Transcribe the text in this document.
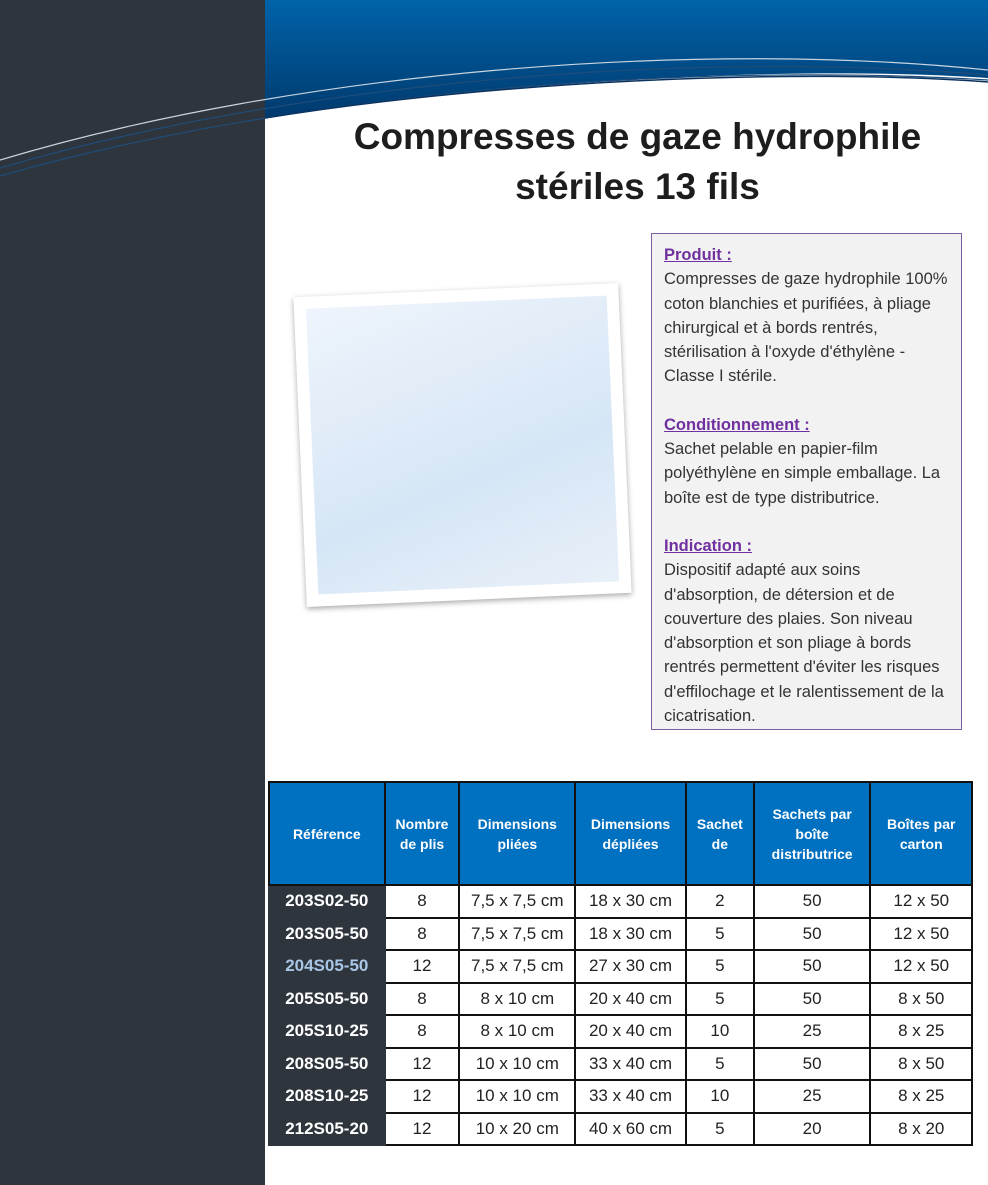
Compresses de gaze hydrophile
stériles 13 fils
Produit :

Compresses de gaze hydrophile 100% coton blanchies et purifiées, à pliage chirurgical et à bords rentrés, stérilisation à l'oxyde d'éthylène - Classe I stérile.

Conditionnement :

Sachet pelable en papier-film polyéthylène en simple emballage. La boîte est de type distributrice.

Indication :

Dispositif adapté aux soins d'absorption, de détersion et de couverture des plaies. Son niveau d'absorption et son pliage à bords rentrés permettent d'éviter les risques d'effilochage et le ralentissement de la cicatrisation.

Référence	Nombre de plis	Dimensions pliées	Dimensions dépliées	Sachet de	Sachets par boîte distributrice	Boîtes par carton
203S02-50	8	7,5 x 7,5 cm	18 x 30 cm	2	50	12 x 50
203S05-50	8	7,5 x 7,5 cm	18 x 30 cm	5	50	12 x 50
204S05-50	12	7,5 x 7,5 cm	27 x 30 cm	5	50	12 x 50
205S05-50	8	8 x 10 cm	20 x 40 cm	5	50	8 x 50
205S10-25	8	8 x 10 cm	20 x 40 cm	10	25	8 x 25
208S05-50	12	10 x 10 cm	33 x 40 cm	5	50	8 x 50
208S10-25	12	10 x 10 cm	33 x 40 cm	10	25	8 x 25
212S05-20	12	10 x 20 cm	40 x 60 cm	5	20	8 x 20
